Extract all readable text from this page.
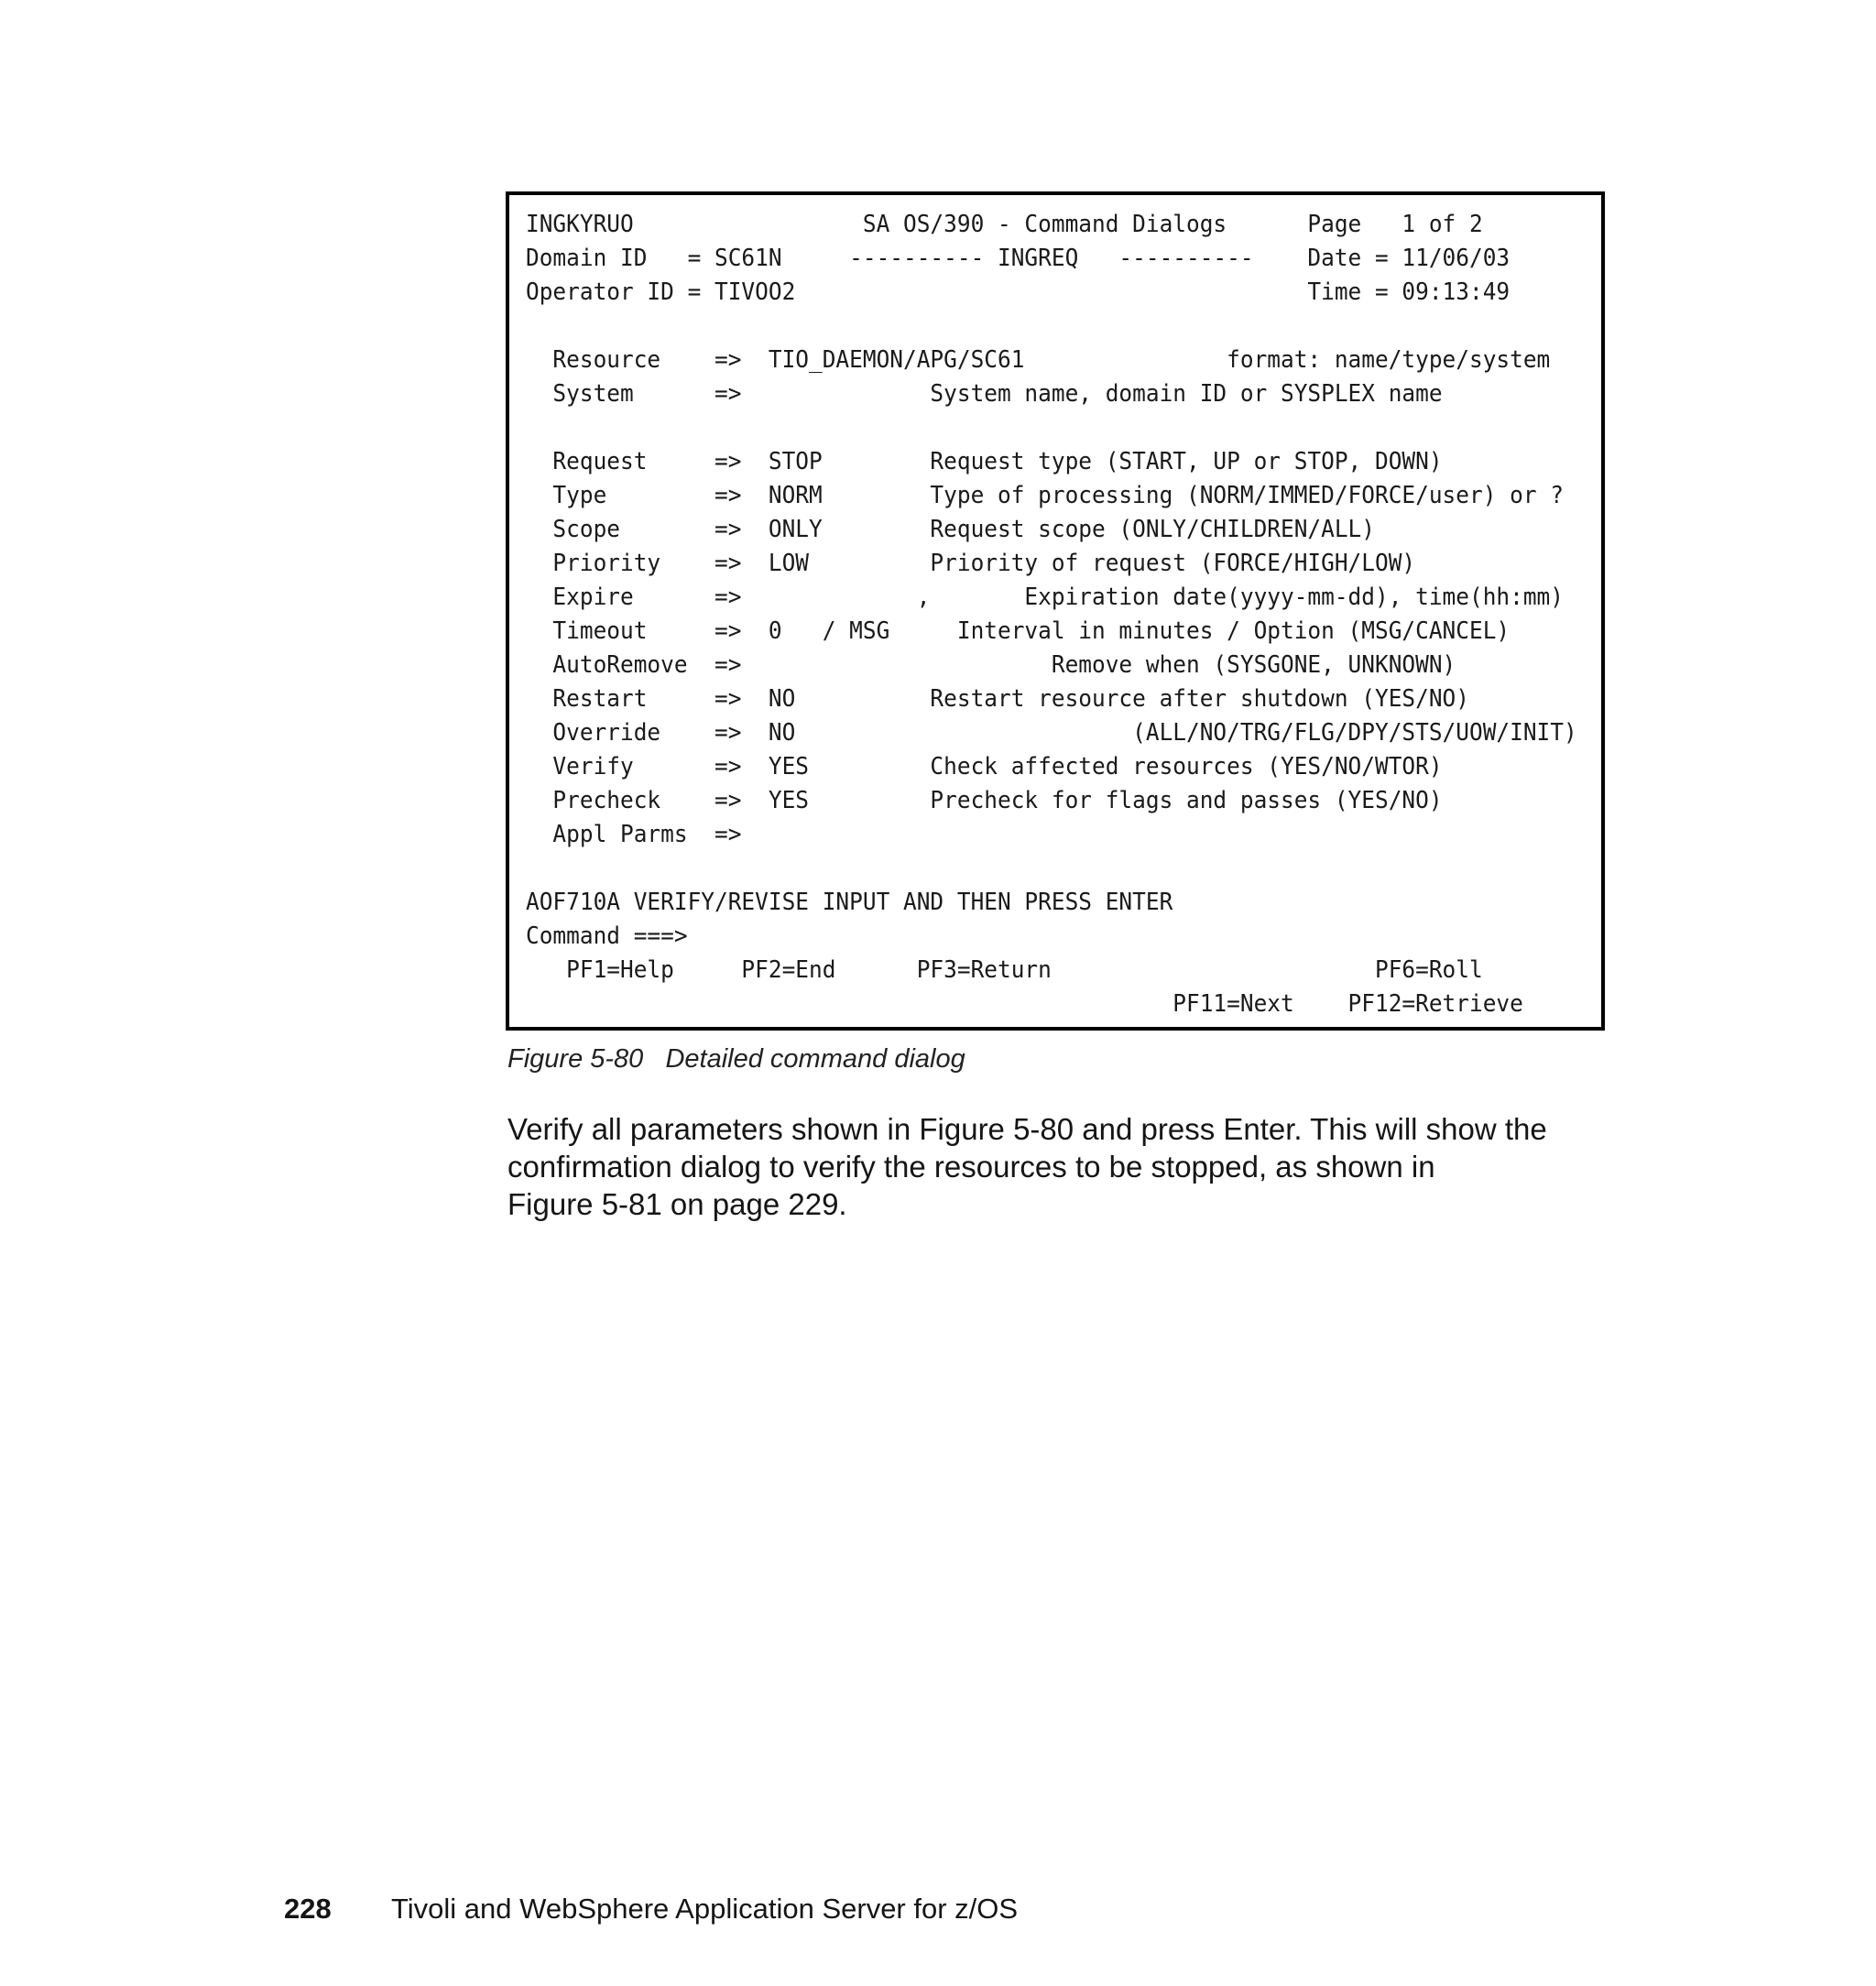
INGKYRUO                 SA OS/390 - Command Dialogs      Page   1 of 2
Domain ID   = SC61N     ---------- INGREQ   ----------    Date = 11/06/03
Operator ID = TIVOO2                                      Time = 09:13:49
Resource    =>  TIO_DAEMON/APG/SC61               format: name/type/system
System      =>              System name, domain ID or SYSPLEX name
Request     =>  STOP        Request type (START, UP or STOP, DOWN)
Type        =>  NORM        Type of processing (NORM/IMMED/FORCE/user) or ?
Scope       =>  ONLY        Request scope (ONLY/CHILDREN/ALL)
Priority    =>  LOW         Priority of request (FORCE/HIGH/LOW)
Expire      =>             ,       Expiration date(yyyy-mm-dd), time(hh:mm)
Timeout     =>  0   / MSG     Interval in minutes / Option (MSG/CANCEL)
AutoRemove  =>                       Remove when (SYSGONE, UNKNOWN)
Restart     =>  NO          Restart resource after shutdown (YES/NO)
Override    =>  NO                         (ALL/NO/TRG/FLG/DPY/STS/UOW/INIT)
Verify      =>  YES         Check affected resources (YES/NO/WTOR)
Precheck    =>  YES         Precheck for flags and passes (YES/NO)
Appl Parms  =>
AOF710A VERIFY/REVISE INPUT AND THEN PRESS ENTER
Command ===>
PF1=Help     PF2=End      PF3=Return                        PF6=Roll
PF11=Next    PF12=Retrieve
Figure 5-80   Detailed command dialog
Verify all parameters shown in Figure 5-80 and press Enter. This will show the
confirmation dialog to verify the resources to be stopped, as shown in
Figure 5-81 on page 229.
228 Tivoli and WebSphere Application Server for z/OS
